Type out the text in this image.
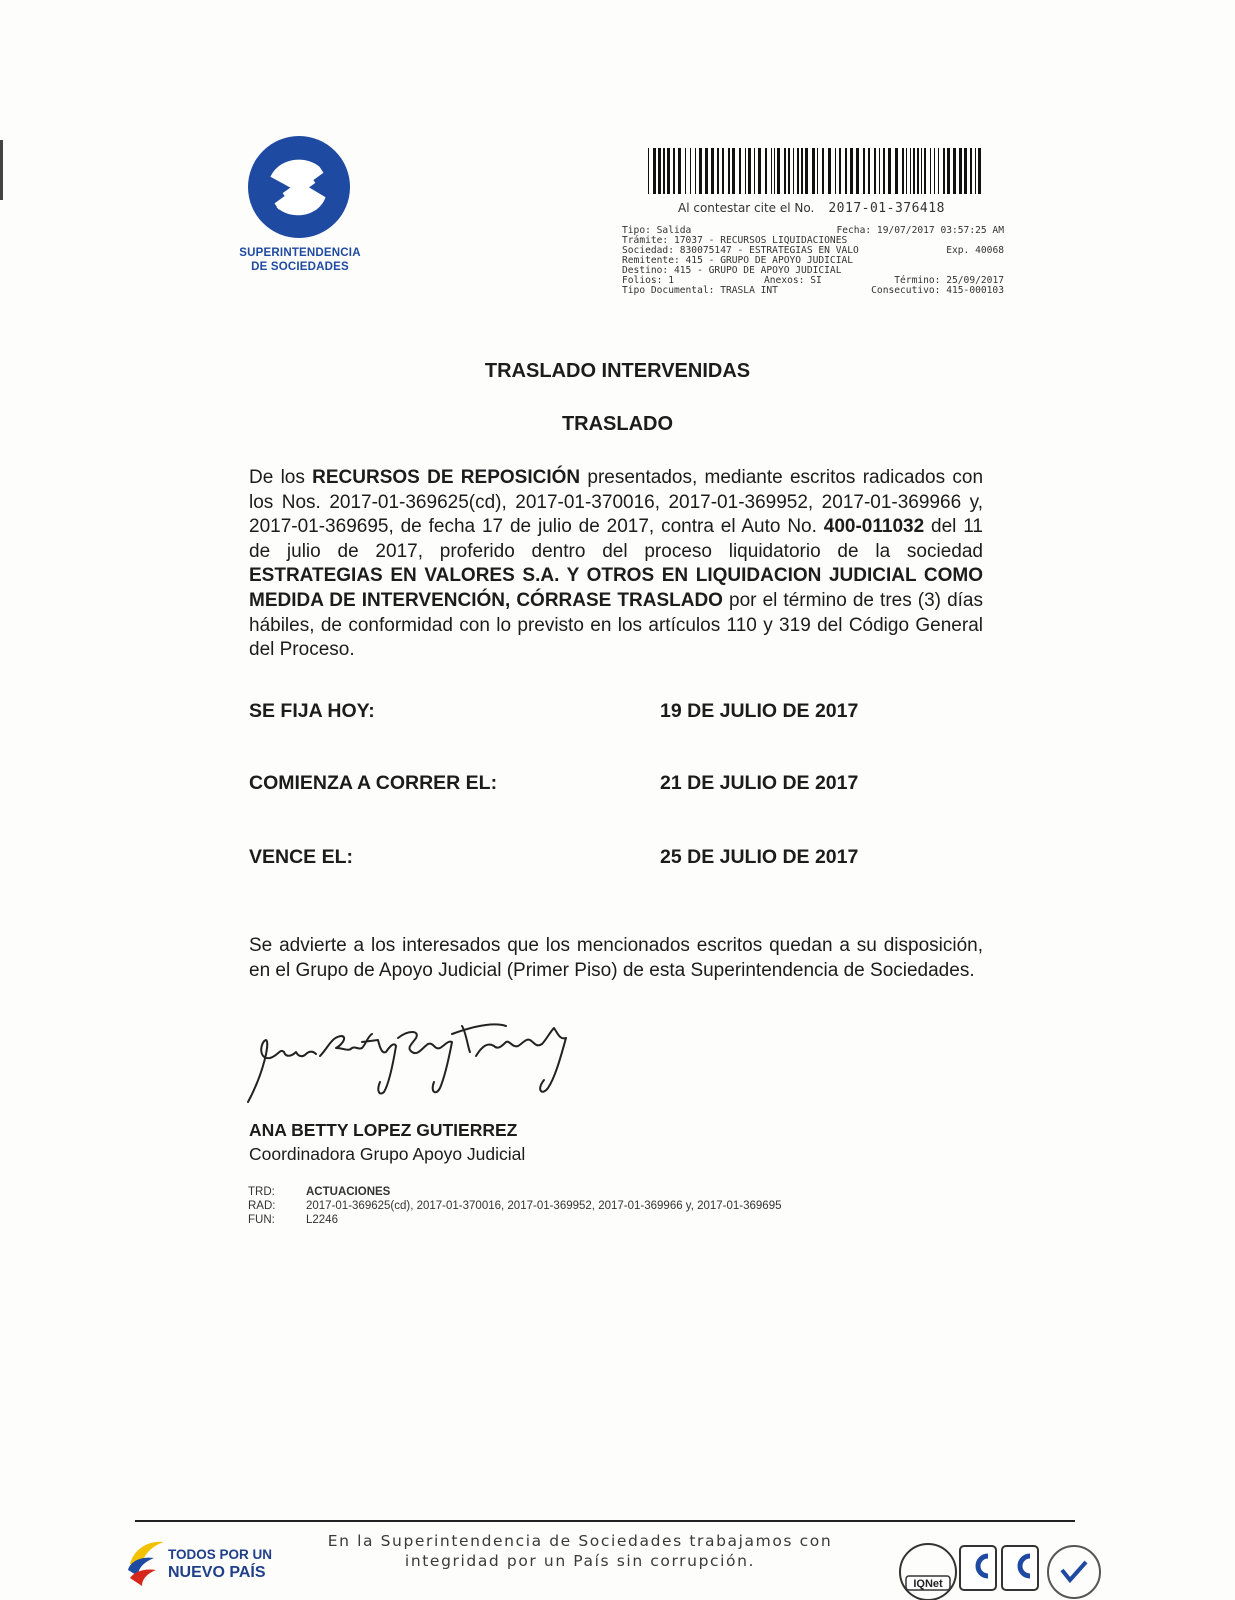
SUPERINTENDENCIA
DE SOCIEDADES
Al contestar cite el No. 2017-01-376418
Tipo: Salida	Fecha: 19/07/2017 03:57:25 AM
Trámite: 17037 - RECURSOS LIQUIDACIONES
Sociedad: 830075147 - ESTRATEGIAS EN VALO	Exp. 40068
Remitente: 415 - GRUPO DE APOYO JUDICIAL
Destino: 415 - GRUPO DE APOYO JUDICIAL
Folios: 1	Anexos: SI	Término: 25/09/2017
Tipo Documental: TRASLA INT	Consecutivo: 415-000103
TRASLADO INTERVENIDAS
TRASLADO
De los RECURSOS DE REPOSICIÓN presentados, mediante escritos radicados con los Nos. 2017-01-369625(cd), 2017-01-370016, 2017-01-369952, 2017-01-369966 y, 2017-01-369695, de fecha 17 de julio de 2017, contra el Auto No. 400-011032 del 11 de julio de 2017, proferido dentro del proceso liquidatorio de la sociedad ESTRATEGIAS EN VALORES S.A. Y OTROS EN LIQUIDACION JUDICIAL COMO MEDIDA DE INTERVENCIÓN, CÓRRASE TRASLADO por el término de tres (3) días hábiles, de conformidad con lo previsto en los artículos 110 y 319 del Código General del Proceso.
SE FIJA HOY:	19 DE JULIO DE 2017
COMIENZA A CORRER EL:	21 DE JULIO DE 2017
VENCE EL:	25 DE JULIO DE 2017
Se advierte a los interesados que los mencionados escritos quedan a su disposición, en el Grupo de Apoyo Judicial (Primer Piso) de esta Superintendencia de Sociedades.
ANA BETTY LOPEZ GUTIERREZ
Coordinadora Grupo Apoyo Judicial
TRD:	ACTUACIONES
RAD:	2017-01-369625(cd), 2017-01-370016, 2017-01-369952, 2017-01-369966 y, 2017-01-369695
FUN:	L2246
TODOS POR UN
NUEVO PAÍS
En la Superintendencia de Sociedades trabajamos con
integridad por un País sin corrupción.
IQNet
